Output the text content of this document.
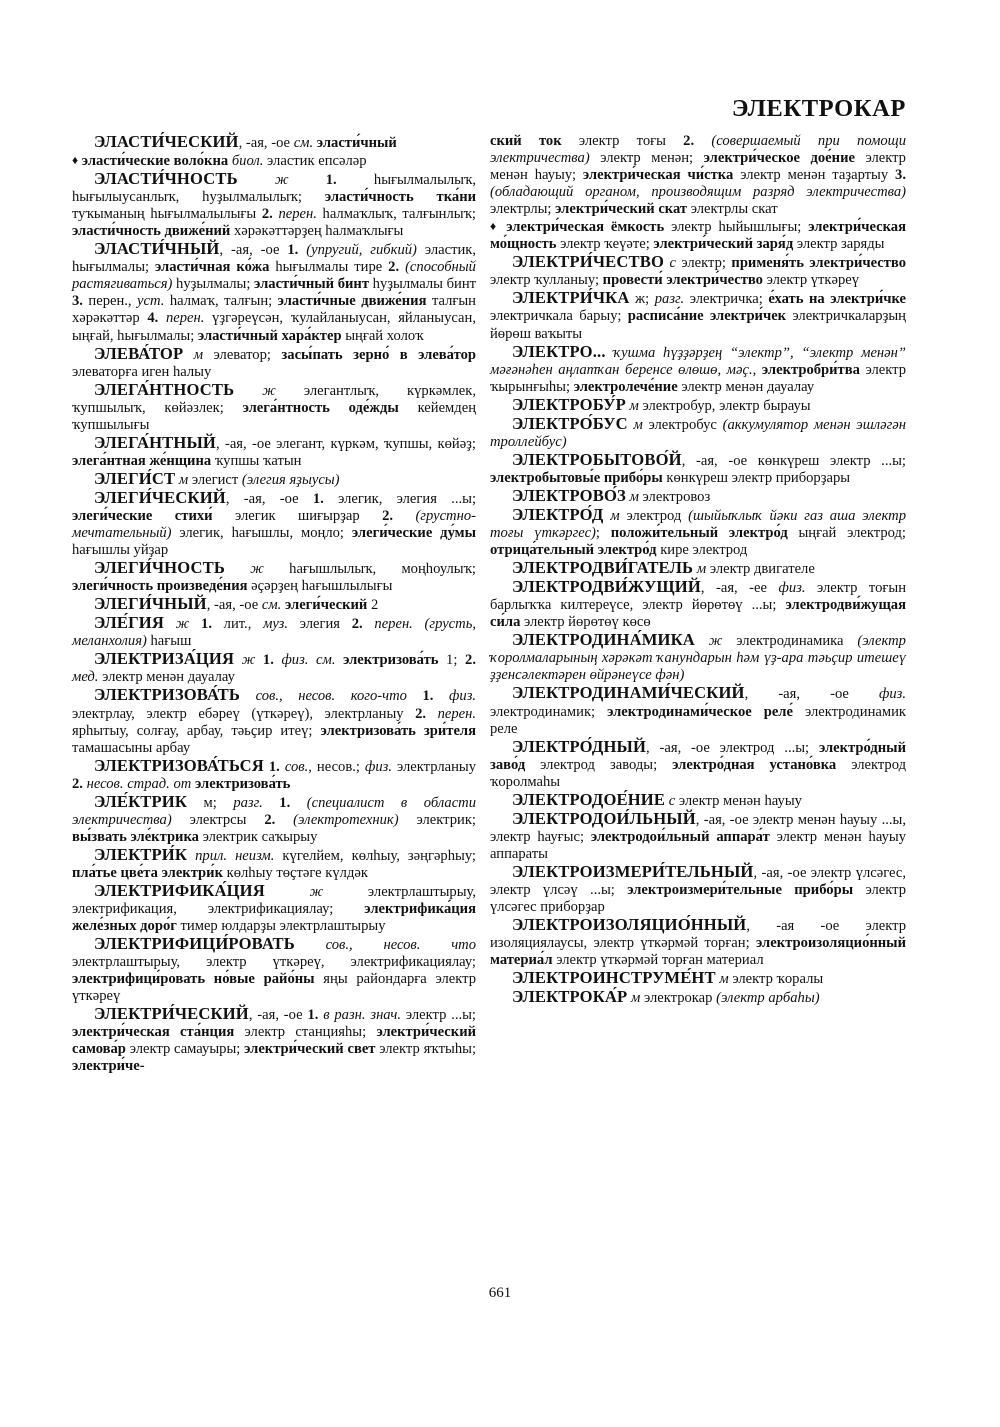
ЭЛЕКТРОКАР

ЭЛАСТИ́ЧЕСКИЙ, -ая, -ое см. эласти́чный

♦ эласти́ческие воло́кна биол. эластик епсәләр

ЭЛАСТИ́ЧНОСТЬ	ж	1. һығылмалылыҡ, һығылыусанлыҡ, һуҙылмалылыҡ; эласти́чность тка́ни туҡыманың һығылмалылығы 2. перен. һалмаҡлыҡ, талғынлыҡ; эласти́чность движе́ний хәрәкәттәрҙең һалмаҡлығы

ЭЛАСТИ́ЧНЫЙ, -ая, -ое 1. (упругий, гибкий) эластик, һығылмалы; эласти́чная ко́жа һығылмалы тире 2. (способный растягиваться) һуҙылмалы; эласти́чный бинт һуҙылмалы бинт 3. перен., уст. һалмаҡ, талғын; эласти́чные движе́ния талғын хәрәкәттәр 4. перен. үҙгәреүсән, ҡулайланыусан, яйланыусан, ыңғай, һығылмалы; эласти́чный хара́ктер ыңғай холоҡ

ЭЛЕВА́ТОР м элеватор; засы́пать зерно́ в элева́тор элеваторға иген һалыу

ЭЛЕГА́НТНОСТЬ ж элегантлыҡ, күркәмлек, ҡупшылыҡ, көйәзлек; элега́нтность оде́жды кейемдең ҡупшылығы

ЭЛЕГА́НТНЫЙ, -ая, -ое элегант, күркәм, ҡупшы, көйәҙ; элега́нтная же́нщина ҡупшы ҡатын

ЭЛЕГИ́СТ м элегист (элегия яҙыусы)

ЭЛЕГИ́ЧЕСКИЙ, -ая, -ое 1. элегик, элегия ...ы; элеги́ческие стихи́ элегик шиғырҙар 2. (грустно-мечтательный) элегик, һағышлы, моңло; элеги́ческие ду́мы һағышлы уйҙар

ЭЛЕГИ́ЧНОСТЬ ж һағышлылыҡ, моңһоулыҡ; элеги́чность произведе́ния әҫәрҙең һағышлылығы

ЭЛЕГИ́ЧНЫЙ, -ая, -ое см. элеги́ческий 2

ЭЛЕ́ГИЯ ж 1. лит., муз. элегия 2. перен. (грусть, меланхолия) һағыш

ЭЛЕКТРИЗА́ЦИЯ ж 1. физ. см. электризова́ть 1; 2. мед. электр менән дауалау

ЭЛЕКТРИЗОВА́ТЬ сов., несов. кого-что 1. физ. электрлау, электр ебәреү (үткәреү), электрланыу 2. перен. ярһытыу, солғау, арбау, тәьҫир итеү; электризова́ть зри́теля тамашасыны арбау

ЭЛЕКТРИЗОВА́ТЬСЯ 1. сов., несов.; физ. электрланыу 2. несов. страд. от электризова́ть

ЭЛЕ́КТРИК м; разг. 1. (специалист в области электричества) электрсы 2. (электротехник) электрик; вы́звать эле́ктрика электрик саҡырыу

ЭЛЕКТРИ́К прил. неизм. күгелйем, көлһыу, зәңгәрһыу; пла́тье цве́та электри́к көлһыу төҫтәге күлдәк

ЭЛЕКТРИФИКА́ЦИЯ	ж электрлаштырыу, электрификация, электрификациялау; электрифика́ция желе́зных доро́г тимер юлдарҙы электрлаштырыу

ЭЛЕКТРИФИЦИ́РОВАТЬ сов., несов. что электрлаштырыу, электр үткәреү, электрификациялау; электрифици́ровать но́вые райо́ны яңы райондарға электр үткәреү

ЭЛЕКТРИ́ЧЕСКИЙ, -ая, -ое 1. в разн. знач. электр ...ы; электри́ческая ста́нция электр станцияһы; электри́ческий самова́р электр самауыры; электри́ческий свет электр яҡтыһы; электри́че-

ский ток электр тоғы 2. (совершаемый при помощи электричества) электр менән; электри́ческое дое́ние электр менән һауыу; электри́ческая чи́стка электр менән таҙартыу 3. (обладающий органом, производящим разряд электричества) электрлы; электри́ческий скат электрлы скат

♦ электри́ческая ёмкость электр һыйышлығы; электри́ческая мо́щность электр ҡеүәте; электри́ческий заря́д электр заряды

ЭЛЕКТРИ́ЧЕСТВО с электр; применя́ть электри́чество электр ҡулланыу; провести́ электри́чество электр үткәреү

ЭЛЕКТРИ́ЧКА ж; разг. электричка; е́хать на электри́чке электричкала барыу; расписа́ние электри́чек электричкаларҙың йөрөш ваҡыты

ЭЛЕКТРО... ҡушма һүҙҙәрҙең “электр”, “электр менән” мәғәнәһен аңлатҡан беренсе өлөшө, мәҫ., электробри́тва электр ҡырынғыһы; электролече́ние электр менән дауалау

ЭЛЕКТРОБУ́Р м электробур, электр бырауы

ЭЛЕКТРО́БУС м электробус (аккумулятор менән эшләгән троллейбус)

ЭЛЕКТРОБЫТОВО́Й, -ая, -ое көнкүреш электр ...ы; электробытовы́е прибо́ры көнкүреш электр приборҙары

ЭЛЕКТРОВО́З м электровоз

ЭЛЕКТРО́Д м электрод (шыйыҡлыҡ йәки газ аша электр тоғы үткәргес); положи́тельный электро́д ыңғай электрод; отрица́тельный электро́д кире электрод

ЭЛЕКТРОДВИ́ГАТЕЛЬ м электр двигателе

ЭЛЕКТРОДВИ́ЖУЩИЙ, -ая, -ее физ. электр тоғын барлыҡҡа килтереүсе, электр йөрөтөү ...ы; электродви́жущая си́ла электр йөрөтөү көсө

ЭЛЕКТРОДИНА́МИКА ж электродинамика (электр ҡоролмаларының хәрәкәт ҡанундарын һәм үҙ-ара тәьҫир итешеү ҙҙенсәлектәрен өйрәнеүсе фән)

ЭЛЕКТРОДИНАМИ́ЧЕСКИЙ, -ая, -ое физ. электродинамик; электродинами́ческое реле́ электродинамик реле

ЭЛЕКТРО́ДНЫЙ, -ая, -ое электрод ...ы; электро́дный заво́д электрод заводы; электро́дная устано́вка электрод ҡоролмаһы

ЭЛЕКТРОДОЕ́НИЕ с электр менән һауыу

ЭЛЕКТРОДОИ́ЛЬНЫЙ, -ая, -ое электр менән һауыу ...ы, электр һауғыс; электродои́льный аппара́т электр менән һауыу аппараты

ЭЛЕКТРОИЗМЕРИ́ТЕЛЬНЫЙ, -ая, -ое электр үлсәгес, электр үлсәү ...ы; электроизмери́тельные прибо́ры электр үлсәгес приборҙар

ЭЛЕКТРОИЗОЛЯЦИО́ННЫЙ, -ая -ое электр изоляциялаусы, электр үткәрмәй торған; электроизоляцио́нный материа́л электр үткәрмәй торған материал

ЭЛЕКТРОИНСТРУМЕ́НТ м электр ҡоралы

ЭЛЕКТРОКА́Р м электрокар (электр арбаһы)

661
